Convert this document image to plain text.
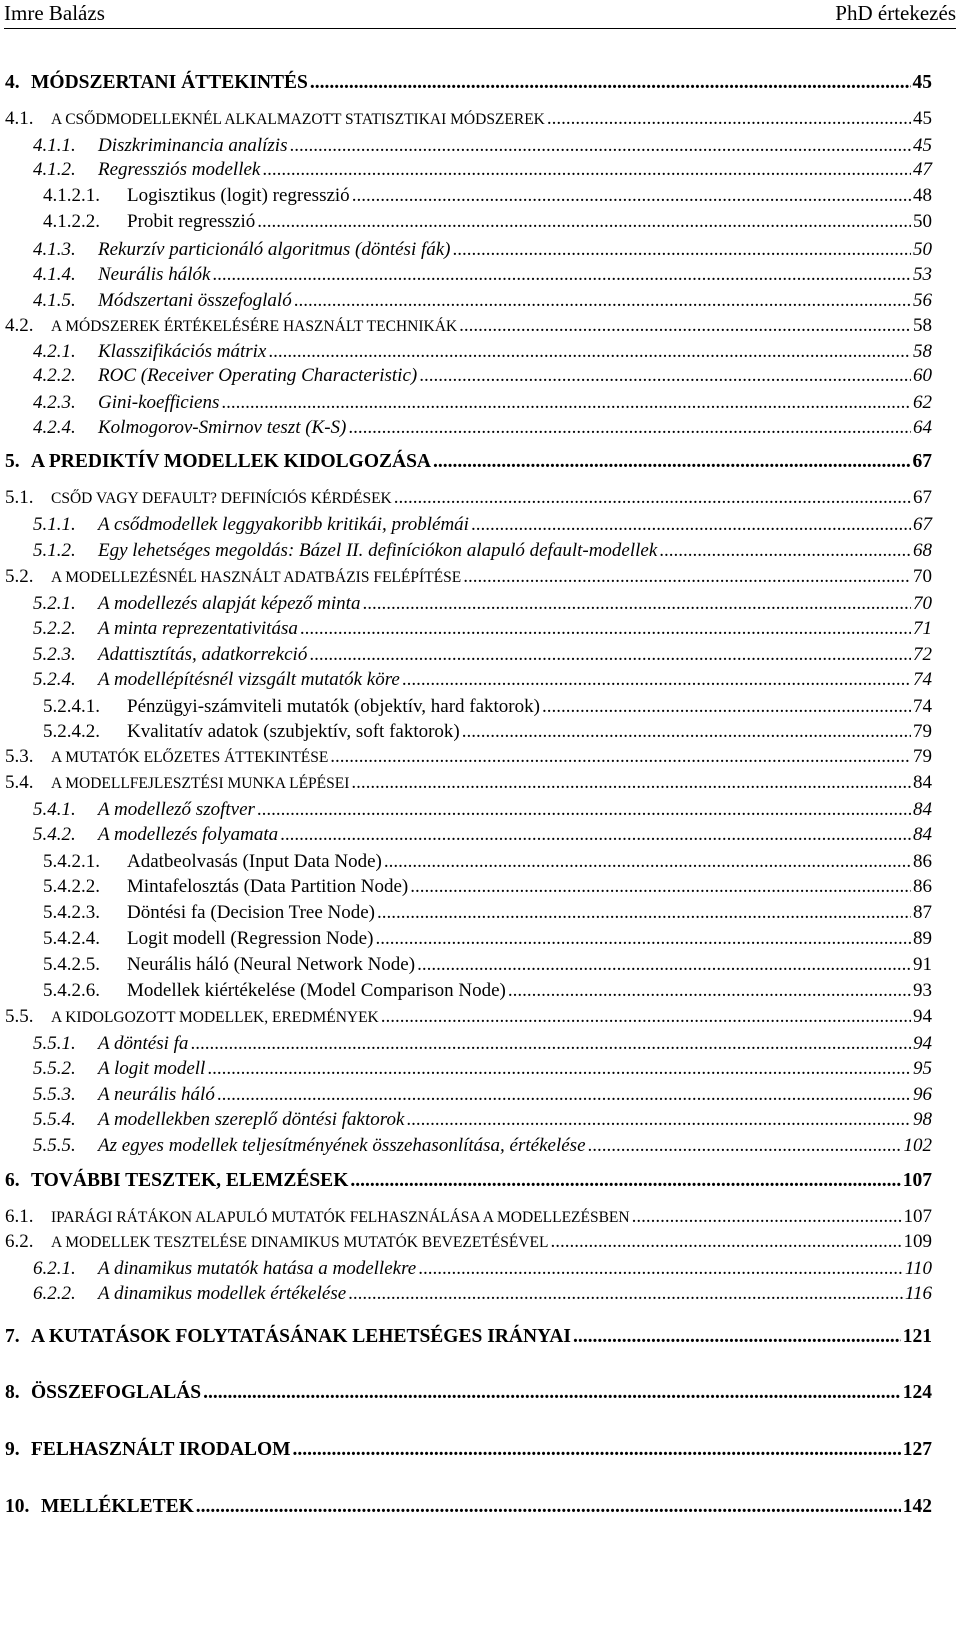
Imre Balázs	PhD értekezés
4. MÓDSZERTANI ÁTTEKINTÉS .....	45
4.1.	A CSŐDMODELLEKNÉL ALKALMAZOTT STATISZTIKAI MÓDSZEREK .....	45
4.1.1.	Diszkriminancia analízis .....	45
4.1.2.	Regressziós modellek .....	47
4.1.2.1.	Logisztikus (logit) regresszió .....	48
4.1.2.2.	Probit regresszió .....	50
4.1.3.	Rekurzív particionáló algoritmus (döntési fák) .....	50
4.1.4.	Neurális hálók .....	53
4.1.5.	Módszertani összefoglaló .....	56
4.2.	A MÓDSZEREK ÉRTÉKELÉSÉRE HASZNÁLT TECHNIKÁK .....	58
4.2.1.	Klasszifikációs mátrix .....	58
4.2.2.	ROC (Receiver Operating Characteristic) .....	60
4.2.3.	Gini-koefficiens .....	62
4.2.4.	Kolmogorov-Smirnov teszt (K-S) .....	64
5. A PREDIKTÍV MODELLEK KIDOLGOZÁSA .....	67
5.1.	CSŐD VAGY DEFAULT? DEFINÍCIÓS KÉRDÉSEK .....	67
5.1.1.	A csődmodellek leggyakoribb kritikái, problémái .....	67
5.1.2.	Egy lehetséges megoldás: Bázel II. definíciókon alapuló default-modellek .....	68
5.2.	A MODELLEZÉSNÉL HASZNÁLT ADATBÁZIS FELÉPÍTÉSE .....	70
5.2.1.	A modellezés alapját képező minta .....	70
5.2.2.	A minta reprezentativitása .....	71
5.2.3.	Adattisztítás, adatkorrekció .....	72
5.2.4.	A modellépítésnél vizsgált mutatók köre .....	74
5.2.4.1.	Pénzügyi-számviteli mutatók (objektív, hard faktorok) .....	74
5.2.4.2.	Kvalitatív adatok (szubjektív, soft faktorok) .....	79
5.3.	A MUTATÓK ELŐZETES ÁTTEKINTÉSE .....	79
5.4.	A MODELLFEJLESZTÉSI MUNKA LÉPÉSEI .....	84
5.4.1.	A modellező szoftver .....	84
5.4.2.	A modellezés folyamata .....	84
5.4.2.1.	Adatbeolvasás (Input Data Node) .....	86
5.4.2.2.	Mintafelosztás (Data Partition Node) .....	86
5.4.2.3.	Döntési fa (Decision Tree Node) .....	87
5.4.2.4.	Logit modell (Regression Node) .....	89
5.4.2.5.	Neurális háló (Neural Network Node) .....	91
5.4.2.6.	Modellek kiértékelése (Model Comparison Node) .....	93
5.5.	A KIDOLGOZOTT MODELLEK, EREDMÉNYEK .....	94
5.5.1.	A döntési fa .....	94
5.5.2.	A logit modell .....	95
5.5.3.	A neurális háló .....	96
5.5.4.	A modellekben szereplő döntési faktorok .....	98
5.5.5.	Az egyes modellek teljesítményének összehasonlítása, értékelése .....	102
6. TOVÁBBI TESZTEK, ELEMZÉSEK .....	107
6.1.	IPARÁGI RÁTÁKON ALAPULÓ MUTATÓK FELHASZNÁLÁSA A MODELLEZÉSBEN .....	107
6.2.	A MODELLEK TESZTELÉSE DINAMIKUS MUTATÓK BEVEZETÉSÉVEL .....	109
6.2.1.	A dinamikus mutatók hatása a modellekre .....	110
6.2.2.	A dinamikus modellek értékelése .....	116
7. A KUTATÁSOK FOLYTATÁSÁNAK LEHETSÉGES IRÁNYAI .....	121
8. ÖSSZEFOGLALÁS .....	124
9. FELHASZNÁLT IRODALOM .....	127
10. MELLÉKLETEK .....	142
